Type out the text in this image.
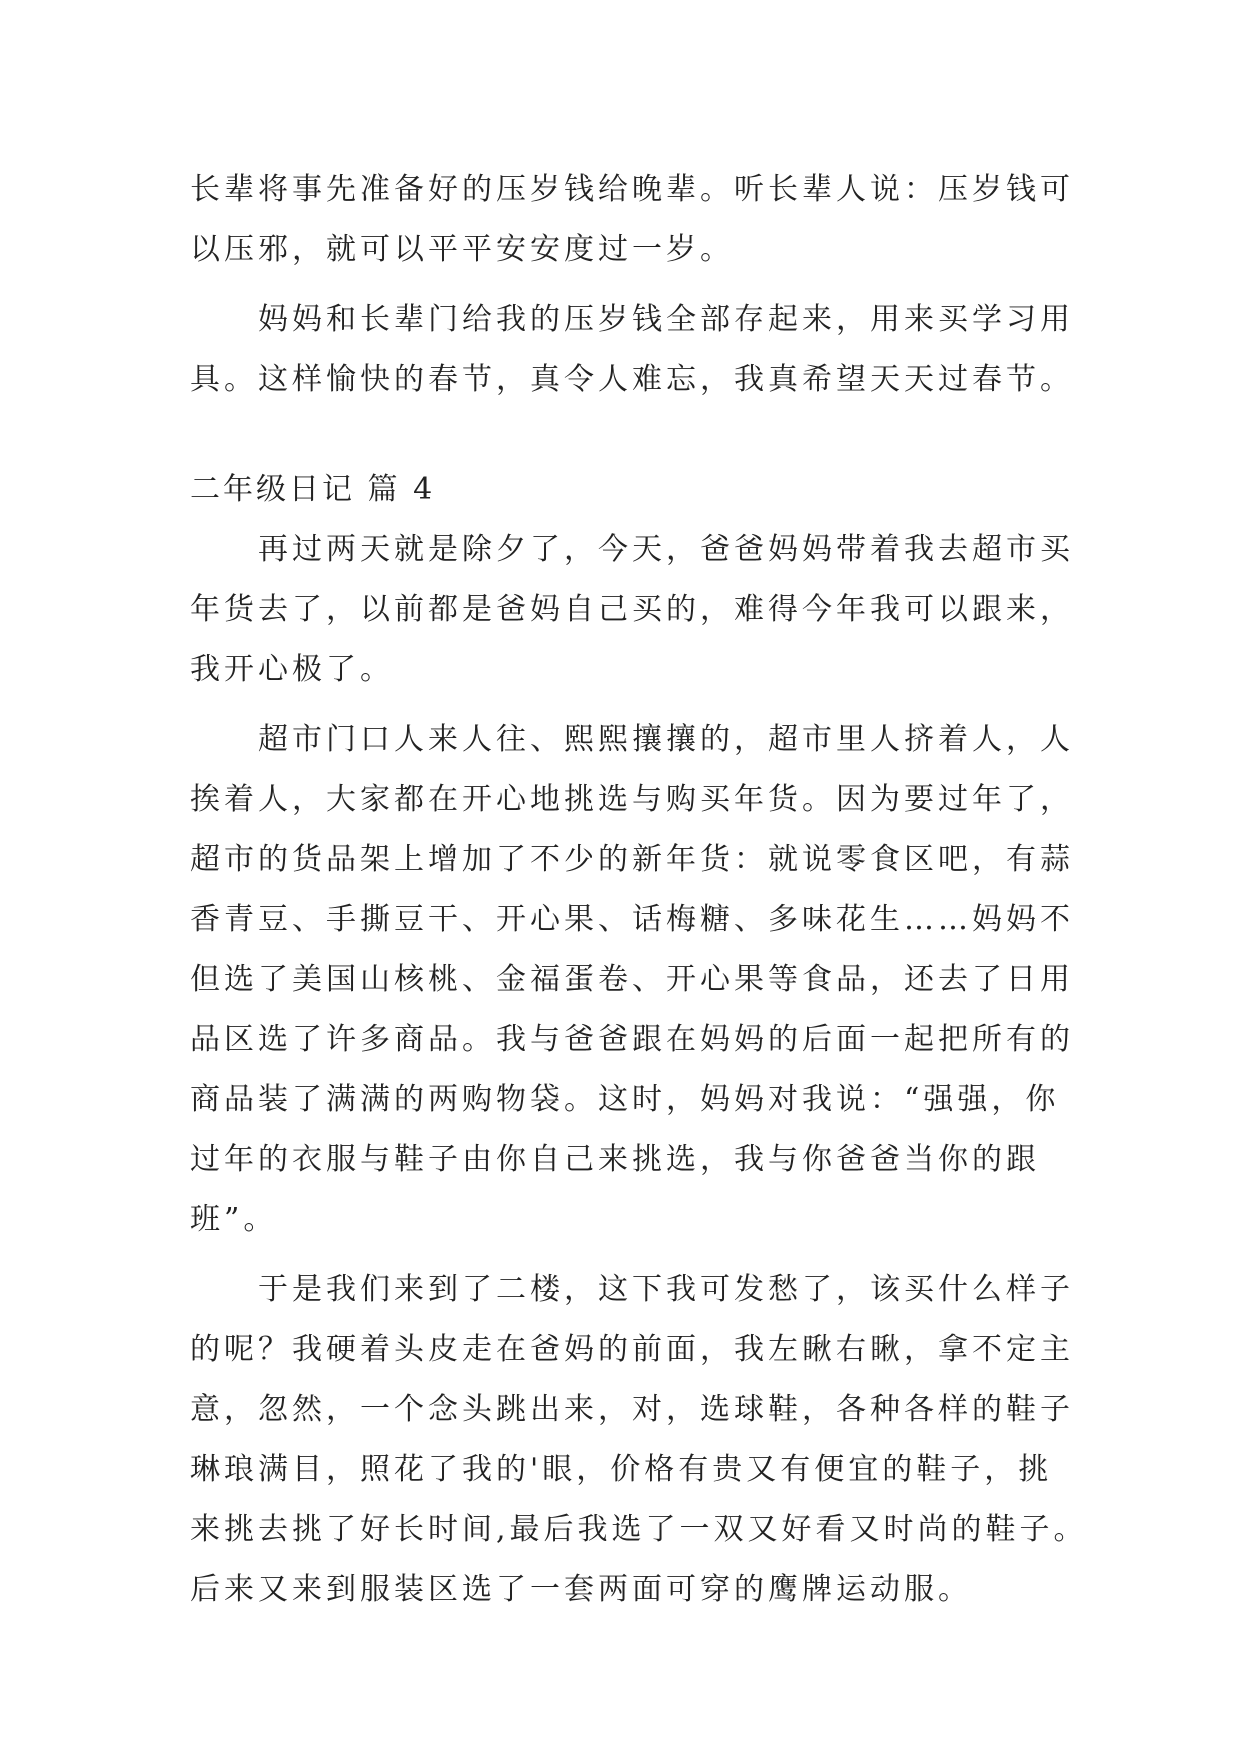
长辈将事先准备好的压岁钱给晚辈。听长辈人说：压岁钱可
以压邪，就可以平平安安度过一岁。
妈妈和长辈门给我的压岁钱全部存起来，用来买学习用
具。这样愉快的春节，真令人难忘，我真希望天天过春节。
二年级日记 篇 4
再过两天就是除夕了，今天，爸爸妈妈带着我去超市买
年货去了，以前都是爸妈自己买的，难得今年我可以跟来，
我开心极了。
超市门口人来人往、熙熙攘攘的，超市里人挤着人，人
挨着人，大家都在开心地挑选与购买年货。因为要过年了，
超市的货品架上增加了不少的新年货：就说零食区吧，有蒜
香青豆、手撕豆干、开心果、话梅糖、多味花生……妈妈不
但选了美国山核桃、金福蛋卷、开心果等食品，还去了日用
品区选了许多商品。我与爸爸跟在妈妈的后面一起把所有的
商品装了满满的两购物袋。这时，妈妈对我说：“强强，你
过年的衣服与鞋子由你自己来挑选，我与你爸爸当你的跟
班”。
于是我们来到了二楼，这下我可发愁了，该买什么样子
的呢？我硬着头皮走在爸妈的前面，我左瞅右瞅，拿不定主
意，忽然，一个念头跳出来，对，选球鞋，各种各样的鞋子
琳琅满目，照花了我的'眼，价格有贵又有便宜的鞋子，挑
来挑去挑了好长时间,最后我选了一双又好看又时尚的鞋子。
后来又来到服装区选了一套两面可穿的鹰牌运动服。
